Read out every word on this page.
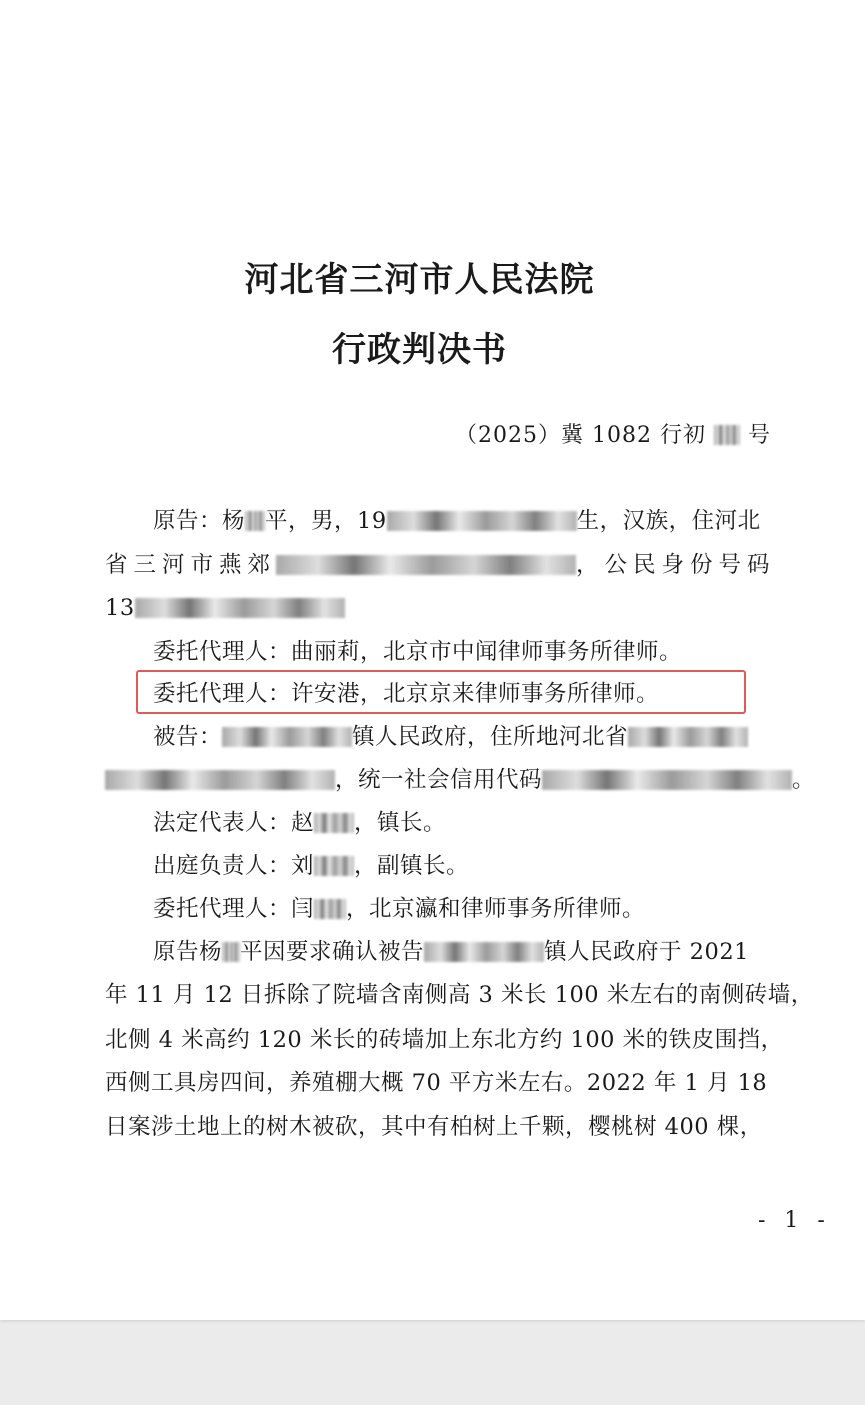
河北省三河市人民法院
行政判决书
（2025）冀 1082 行初 号
原告：杨 平，男，19	生，汉族，住河北
省三河市燕郊	，公民身份号码
13
委托代理人：曲丽莉，北京市中闻律师事务所律师。
委托代理人：许安港，北京京来律师事务所律师。
被告：	镇人民政府，住所地河北省
，统一社会信用代码	。
法定代表人：赵 ，镇长。
出庭负责人：刘 ，副镇长。
委托代理人：闫 ，北京瀛和律师事务所律师。
原告杨 平因要求确认被告	镇人民政府于 2021
年 11 月 12 日拆除了院墙含南侧高 3 米长 100 米左右的南侧砖墙，
北侧 4 米高约 120 米长的砖墙加上东北方约 100 米的铁皮围挡，
西侧工具房四间，养殖棚大概 70 平方米左右。2022 年 1 月 18
日案涉土地上的树木被砍，其中有柏树上千颗，樱桃树 400 棵，
- 1 -
